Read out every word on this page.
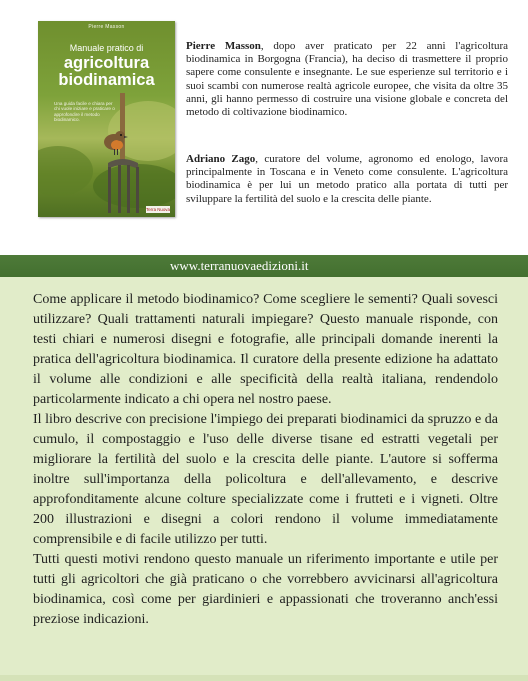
Pierre Masson
Manuale pratico di
agricoltura
biodinamica
Una guida facile e chiara per chi vuole iniziare e praticare o approfondire il metodo biodinamico.
Terra Nuova
Pierre Masson, dopo aver praticato per 22 anni l'agricoltura biodinamica in Borgogna (Francia), ha deciso di trasmettere il proprio sapere come consulente e insegnante. Le sue esperienze sul territorio e i suoi scambi con numerose realtà agricole europee, che visita da oltre 35 anni, gli hanno permesso di costruire una visione globale e concreta del metodo di coltivazione biodinamico.
Adriano Zago, curatore del volume, agronomo ed enologo, lavora principalmente in Toscana e in Veneto come consulente. L'agricoltura biodinamica è per lui un metodo pratico alla portata di tutti per sviluppare la fertilità del suolo e la crescita delle piante.
www.terranuovaedizioni.it

Come applicare il metodo biodinamico? Come scegliere le sementi? Quali sovesci utilizzare? Quali trattamenti naturali impiegare? Questo manuale risponde, con testi chiari e numerosi disegni e fotografie, alle principali domande inerenti la pratica dell'agricoltura biodinamica. Il curatore della presente edizione ha adattato il volume alle condizioni e alle specificità della realtà italiana, rendendolo particolarmente indicato a chi opera nel nostro paese.

Il libro descrive con precisione l'impiego dei preparati biodinamici da spruzzo e da cumulo, il compostaggio e l'uso delle diverse tisane ed estratti vegetali per migliorare la fertilità del suolo e la crescita delle piante. L'autore si sofferma inoltre sull'importanza della policoltura e dell'allevamento, e descrive approfonditamente alcune colture specializzate come i frutteti e i vigneti. Oltre 200 illustrazioni e disegni a colori rendono il volume immediatamente comprensibile e di facile utilizzo per tutti.

Tutti questi motivi rendono questo manuale un riferimento importante e utile per tutti gli agricoltori che già praticano o che vorrebbero avvicinarsi all'agricoltura biodinamica, così come per giardinieri e appassionati che troveranno anch'essi preziose indicazioni.
